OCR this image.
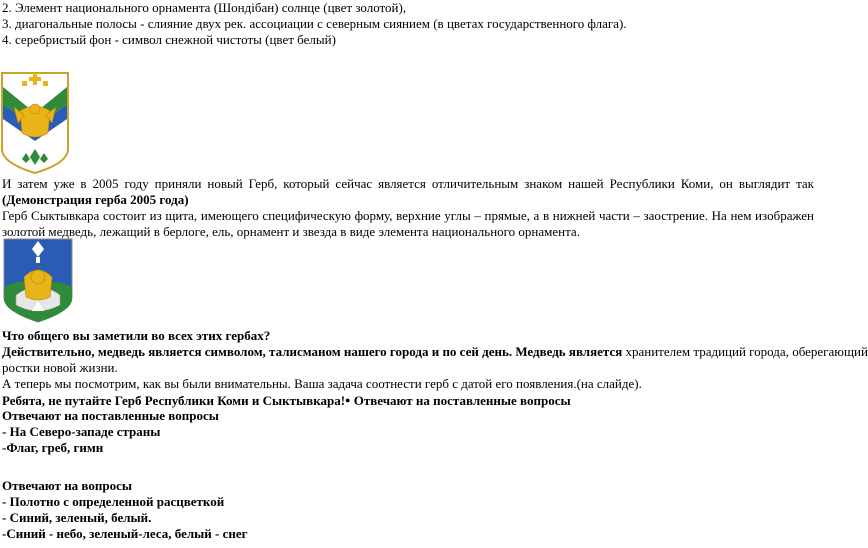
2. Элемент национального орнамента (Шондiбан) солнце (цвет золотой),
3. диагональные полосы - слияние двух рек. ассоциации с северным сиянием (в цветах государственного флага).
4. серебристый фон - символ снежной чистоты (цвет белый)
И затем уже в 2005 году приняли новый Герб, который сейчас является отличительным знаком нашей Республики Коми, он выглядит так
(Демонстрация герба 2005 года)
Герб Сыктывкара состоит из щита, имеющего специфическую форму, верхние углы – прямые, а в нижней части – заострение. На нем изображен
золотой медведь, лежащий в берлоге, ель, орнамент и звезда в виде элемента национального орнамента.
Что общего вы заметили во всех этих гербах?
Действительно, медведь является символом, талисманом нашего города и по сей день. Медведь является хранителем традиций города, оберегающий
ростки новой жизни.
А теперь мы посмотрим, как вы были внимательны. Ваша задача соотнести герб с датой его появления.(на слайде).
Ребята, не путайте Герб Республики Коми и Сыктывкара!● Отвечают на поставленные вопросы
Отвечают на поставленные вопросы
- На Северо-западе страны
-Флаг, греб, гимн
Отвечают на вопросы
- Полотно с определенной расцветкой
- Синий, зеленый, белый.
-Синий - небо, зеленый-леса, белый - снег
